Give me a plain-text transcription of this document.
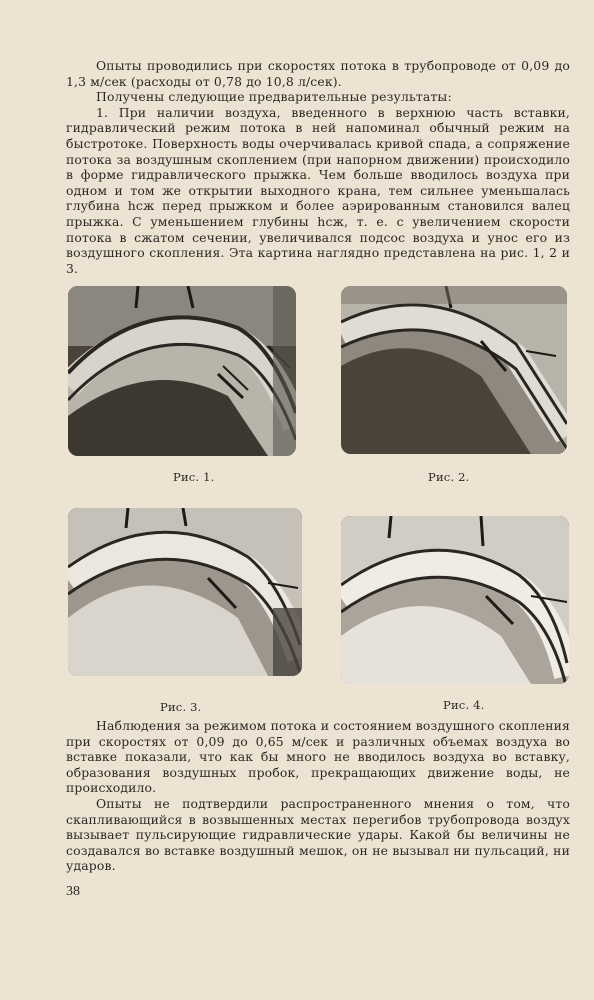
Опыты проводились при скоростях потока в трубопроводе от 0,09 до 1,3 м/сек (расходы от 0,78 до 10,8 л/сек).

Получены следующие предварительные результаты:

1. При наличии воздуха, введенного в верхнюю часть вставки, гидравлический режим потока в ней напоминал обычный режим на быстротоке. Поверхность воды очерчивалась кривой спада, а сопряжение потока за воздушным скоплением (при напорном движении) происходило в форме гидравлического прыжка. Чем больше вводилось воздуха при одном и том же открытии выходного крана, тем сильнее уменьшалась глубина hсж перед прыжком и более аэрированным становился валец прыжка. С уменьшением глубины hсж, т. е. с увеличением скорости потока в сжатом сечении, увеличивался подсос воздуха и унос его из воздушного скопления. Эта картина наглядно представлена на рис. 1, 2 и 3.

Рис. 1.	Рис. 2.
Рис. 3.	Рис. 4.

Наблюдения за режимом потока и состоянием воздушного скопления при скоростях от 0,09 до 0,65 м/сек и различных объемах воздуха во вставке показали, что как бы много не вводилось воздуха во вставку, образования воздушных пробок, прекращающих движение воды, не происходило.

Опыты не подтвердили распространенного мнения о том, что скапливающийся в возвышенных местах перегибов трубопровода воздух вызывает пульсирующие гидравлические удары. Какой бы величины не создавался во вставке воздушный мешок, он не вызывал ни пульсаций, ни ударов.

38
